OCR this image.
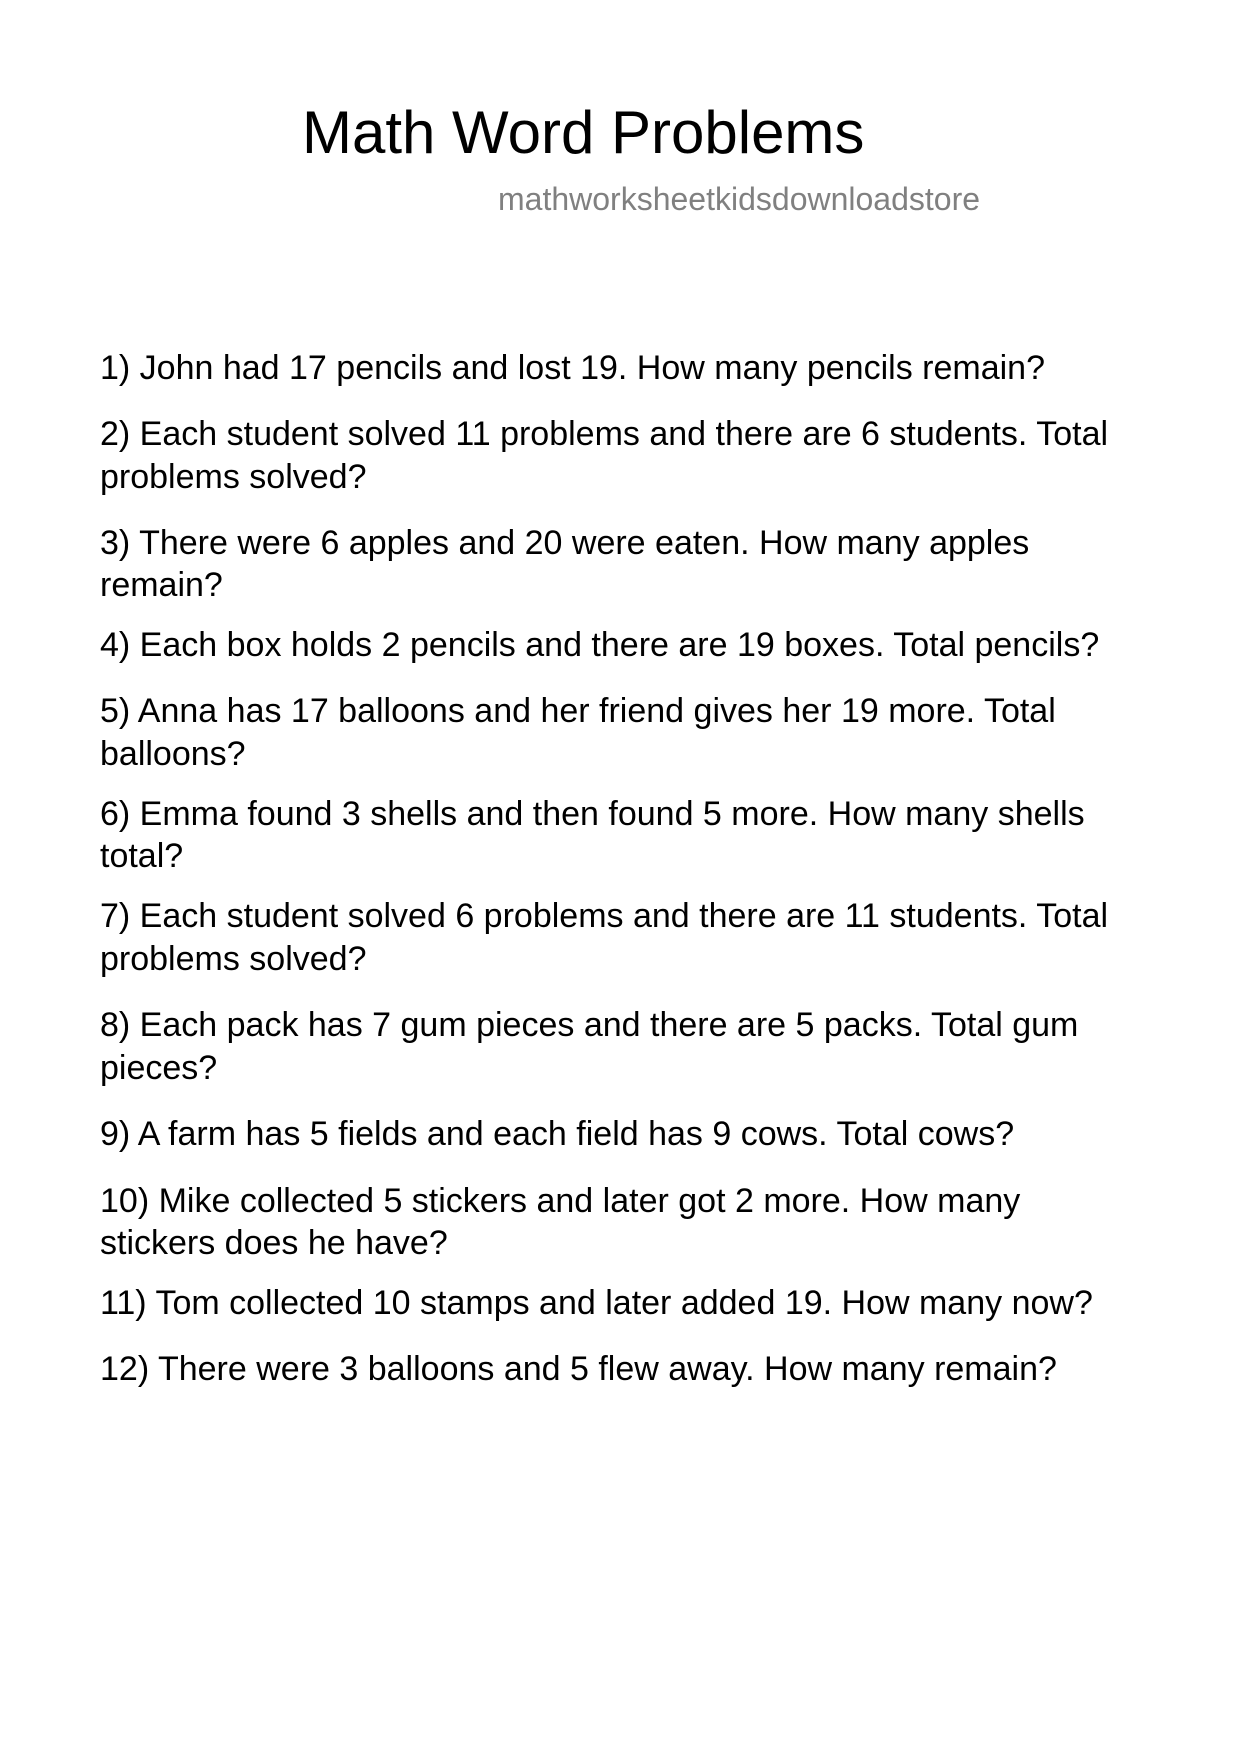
Math Word Problems
mathworksheetkidsdownloadstore
1) John had 17 pencils and lost 19. How many pencils remain?
2) Each student solved 11 problems and there are 6 students. Total
problems solved?
3) There were 6 apples and 20 were eaten. How many apples
remain?
4) Each box holds 2 pencils and there are 19 boxes. Total pencils?
5) Anna has 17 balloons and her friend gives her 19 more. Total
balloons?
6) Emma found 3 shells and then found 5 more. How many shells
total?
7) Each student solved 6 problems and there are 11 students. Total
problems solved?
8) Each pack has 7 gum pieces and there are 5 packs. Total gum
pieces?
9) A farm has 5 fields and each field has 9 cows. Total cows?
10) Mike collected 5 stickers and later got 2 more. How many
stickers does he have?
11) Tom collected 10 stamps and later added 19. How many now?
12) There were 3 balloons and 5 flew away. How many remain?
